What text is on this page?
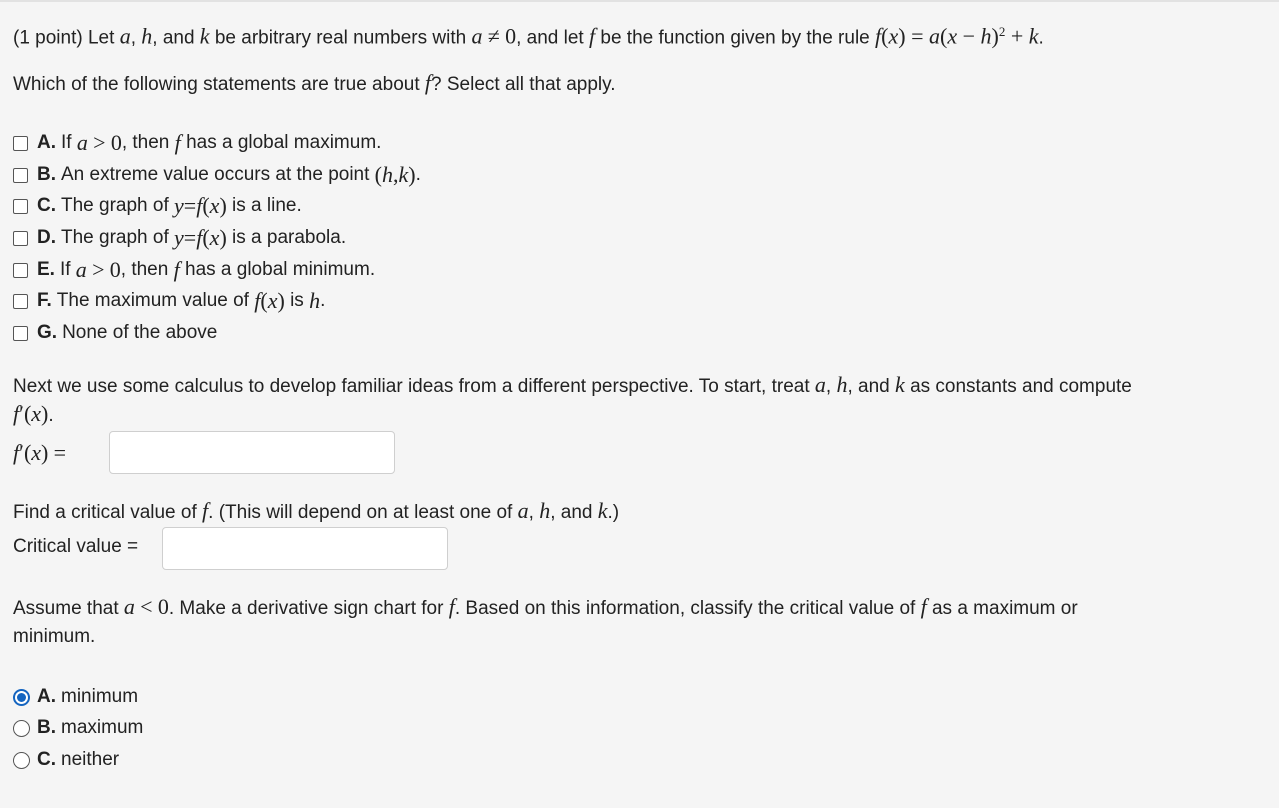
(1 point) Let a, h, and k be arbitrary real numbers with a ≠ 0, and let f be the function given by the rule $f(x) = a(x - h)^2 + k$.
Which of the following statements are true about f? Select all that apply.
A. If
a
>
0 , then
f
has a global maximum.
B. An extreme value occurs at the point
( h , k ) .
C. The graph of
y = f ( x )
is a line.
D. The graph of
y = f ( x )
is a parabola.
E. If
a
>
0 , then
f
has a global minimum.
F. The maximum value of
f ( x )
is
h .
G. None of the above
Next we use some calculus to develop familiar ideas from a different perspective. To start, treat a, h, and k as constants and compute
f′(x).
f′(x) =
Find a critical value of f. (This will depend on at least one of a, h, and k.)
Critical value =
Assume that a < 0. Make a derivative sign chart for f. Based on this information, classify the critical value of f as a maximum or
minimum.
A. minimum
B. maximum
C. neither
